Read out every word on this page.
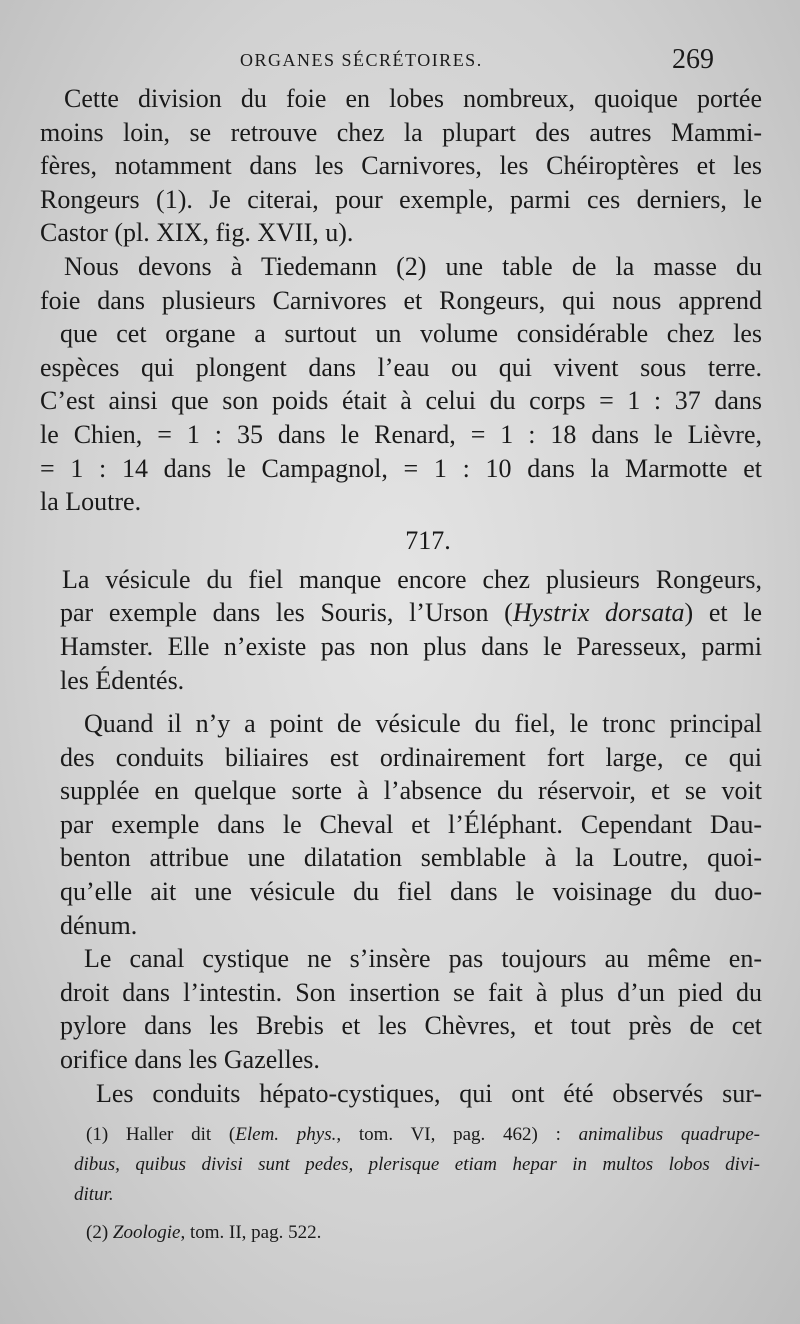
ORGANES SÉCRÉTOIRES.	269
Cette division du foie en lobes nombreux, quoique portée
moins loin, se retrouve chez la plupart des autres Mammi-
fères, notamment dans les Carnivores, les Chéiroptères et les
Rongeurs (1). Je citerai, pour exemple, parmi ces derniers, le
Castor (pl. XIX, fig. XVII, u).
Nous devons à Tiedemann (2) une table de la masse du
foie dans plusieurs Carnivores et Rongeurs, qui nous apprend
que cet organe a surtout un volume considérable chez les
espèces qui plongent dans l’eau ou qui vivent sous terre.
C’est ainsi que son poids était à celui du corps = 1 : 37 dans
le Chien, = 1 : 35 dans le Renard, = 1 : 18 dans le Lièvre,
= 1 : 14 dans le Campagnol, = 1 : 10 dans la Marmotte et
la Loutre.
717.
La vésicule du fiel manque encore chez plusieurs Rongeurs,
par exemple dans les Souris, l’Urson (Hystrix dorsata) et le
Hamster. Elle n’existe pas non plus dans le Paresseux, parmi
les Édentés.
Quand il n’y a point de vésicule du fiel, le tronc principal
des conduits biliaires est ordinairement fort large, ce qui
supplée en quelque sorte à l’absence du réservoir, et se voit
par exemple dans le Cheval et l’Éléphant. Cependant Dau-
benton attribue une dilatation semblable à la Loutre, quoi-
qu’elle ait une vésicule du fiel dans le voisinage du duo-
dénum.
Le canal cystique ne s’insère pas toujours au même en-
droit dans l’intestin. Son insertion se fait à plus d’un pied du
pylore dans les Brebis et les Chèvres, et tout près de cet
orifice dans les Gazelles.
Les conduits hépato-cystiques, qui ont été observés sur-
(1) Haller dit (Elem. phys., tom. VI, pag. 462) : animalibus quadrupe-
dibus, quibus divisi sunt pedes, plerisque etiam hepar in multos lobos divi-
ditur.
(2) Zoologie, tom. II, pag. 522.
